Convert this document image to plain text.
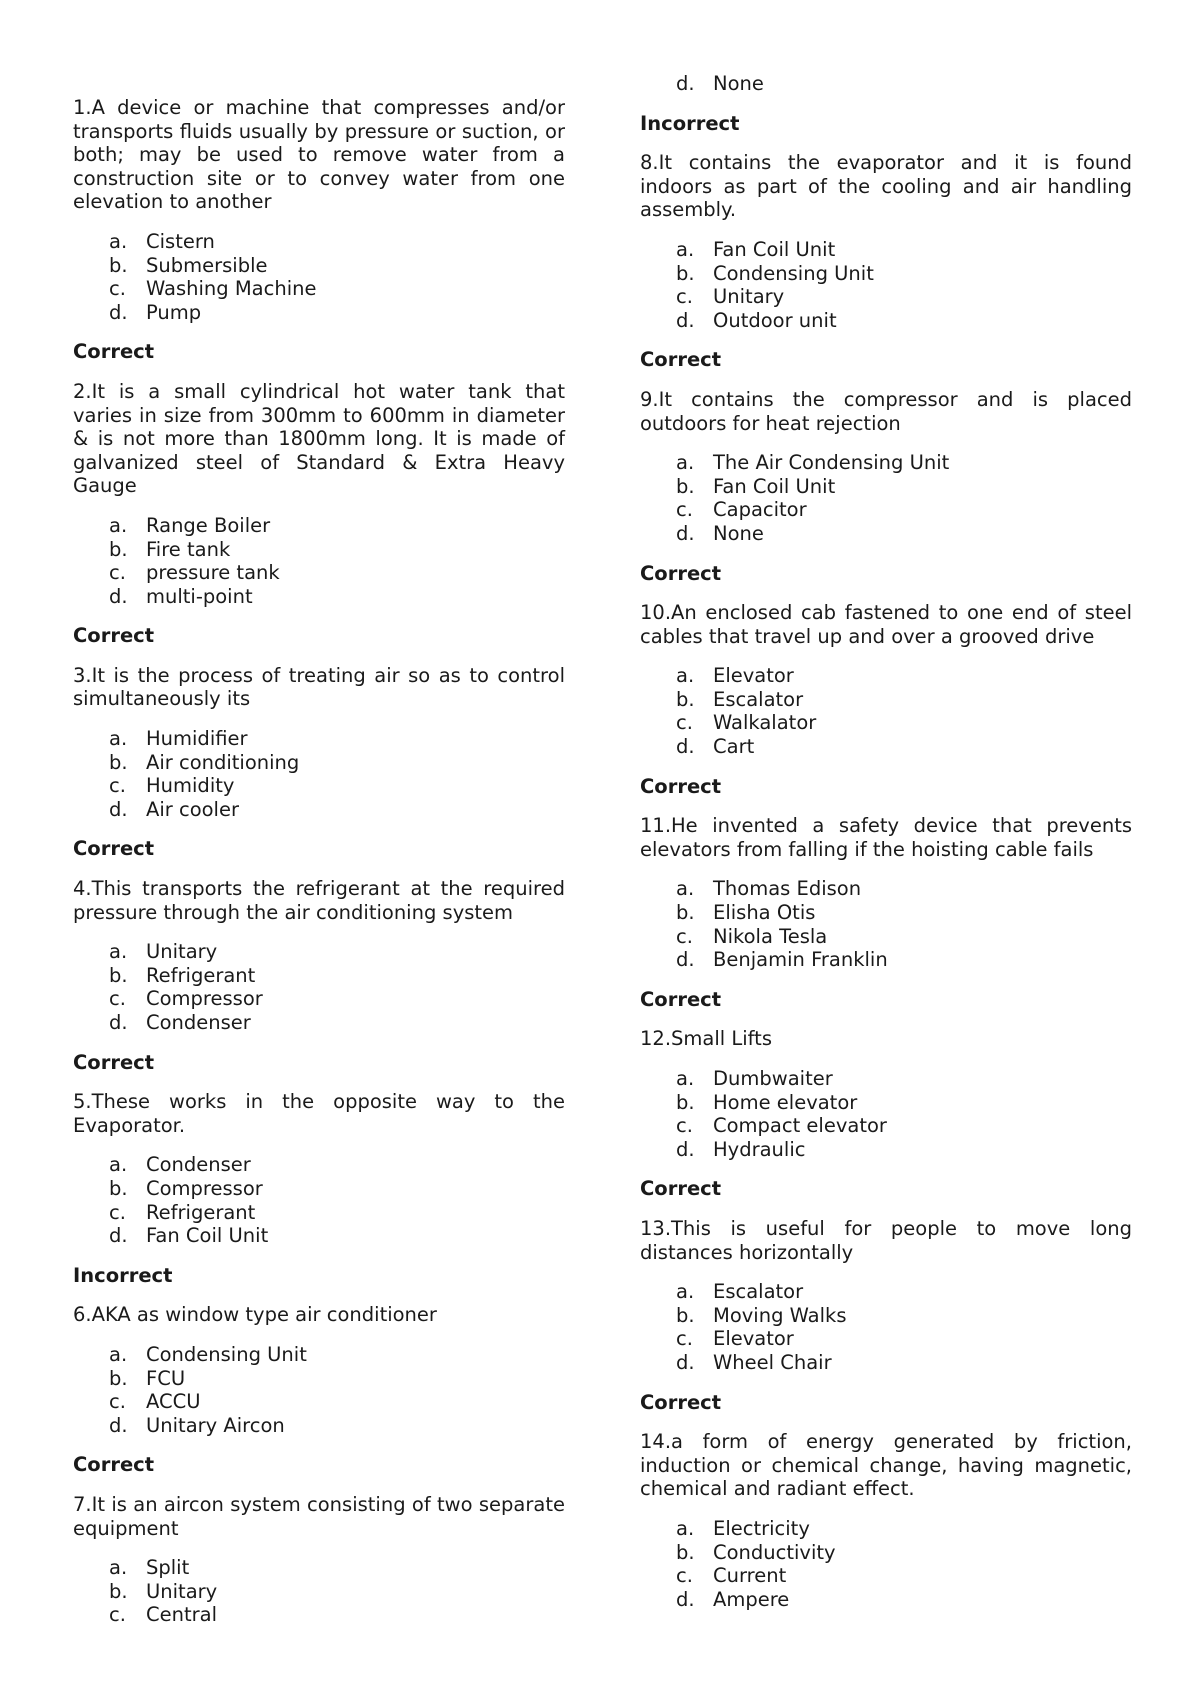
1.A device or machine that compresses and/or transports fluids usually by pressure or suction, or both; may be used to remove water from a construction site or to convey water from one elevation to another

a. Cistern
b. Submersible
c. Washing Machine
d. Pump
Correct

2.It is a small cylindrical hot water tank that varies in size from 300mm to 600mm in diameter & is not more than 1800mm long. It is made of galvanized steel of Standard & Extra Heavy Gauge

a. Range Boiler
b. Fire tank
c. pressure tank
d. multi-point
Correct

3.It is the process of treating air so as to control simultaneously its

a. Humidifier
b. Air conditioning
c. Humidity
d. Air cooler
Correct

4.This transports the refrigerant at the required pressure through the air conditioning system

a. Unitary
b. Refrigerant
c. Compressor
d. Condenser
Correct

5.These works in the opposite way to the Evaporator.

a. Condenser
b. Compressor
c. Refrigerant
d. Fan Coil Unit
Incorrect

6.AKA as window type air conditioner

a. Condensing Unit
b. FCU
c. ACCU
d. Unitary Aircon
Correct

7.It is an aircon system consisting of two separate equipment

a. Split
b. Unitary
c. Central
d. None
Incorrect

8.It contains the evaporator and it is found indoors as part of the cooling and air handling assembly.

a. Fan Coil Unit
b. Condensing Unit
c. Unitary
d. Outdoor unit
Correct

9.It contains the compressor and is placed outdoors for heat rejection

a. The Air Condensing Unit
b. Fan Coil Unit
c. Capacitor
d. None
Correct

10.An enclosed cab fastened to one end of steel cables that travel up and over a grooved drive

a. Elevator
b. Escalator
c. Walkalator
d. Cart
Correct

11.He invented a safety device that prevents elevators from falling if the hoisting cable fails

a. Thomas Edison
b. Elisha Otis
c. Nikola Tesla
d. Benjamin Franklin
Correct

12.Small Lifts

a. Dumbwaiter
b. Home elevator
c. Compact elevator
d. Hydraulic
Correct

13.This is useful for people to move long distances horizontally

a. Escalator
b. Moving Walks
c. Elevator
d. Wheel Chair
Correct

14.a form of energy generated by friction, induction or chemical change, having magnetic, chemical and radiant effect.

a. Electricity
b. Conductivity
c. Current
d. Ampere
